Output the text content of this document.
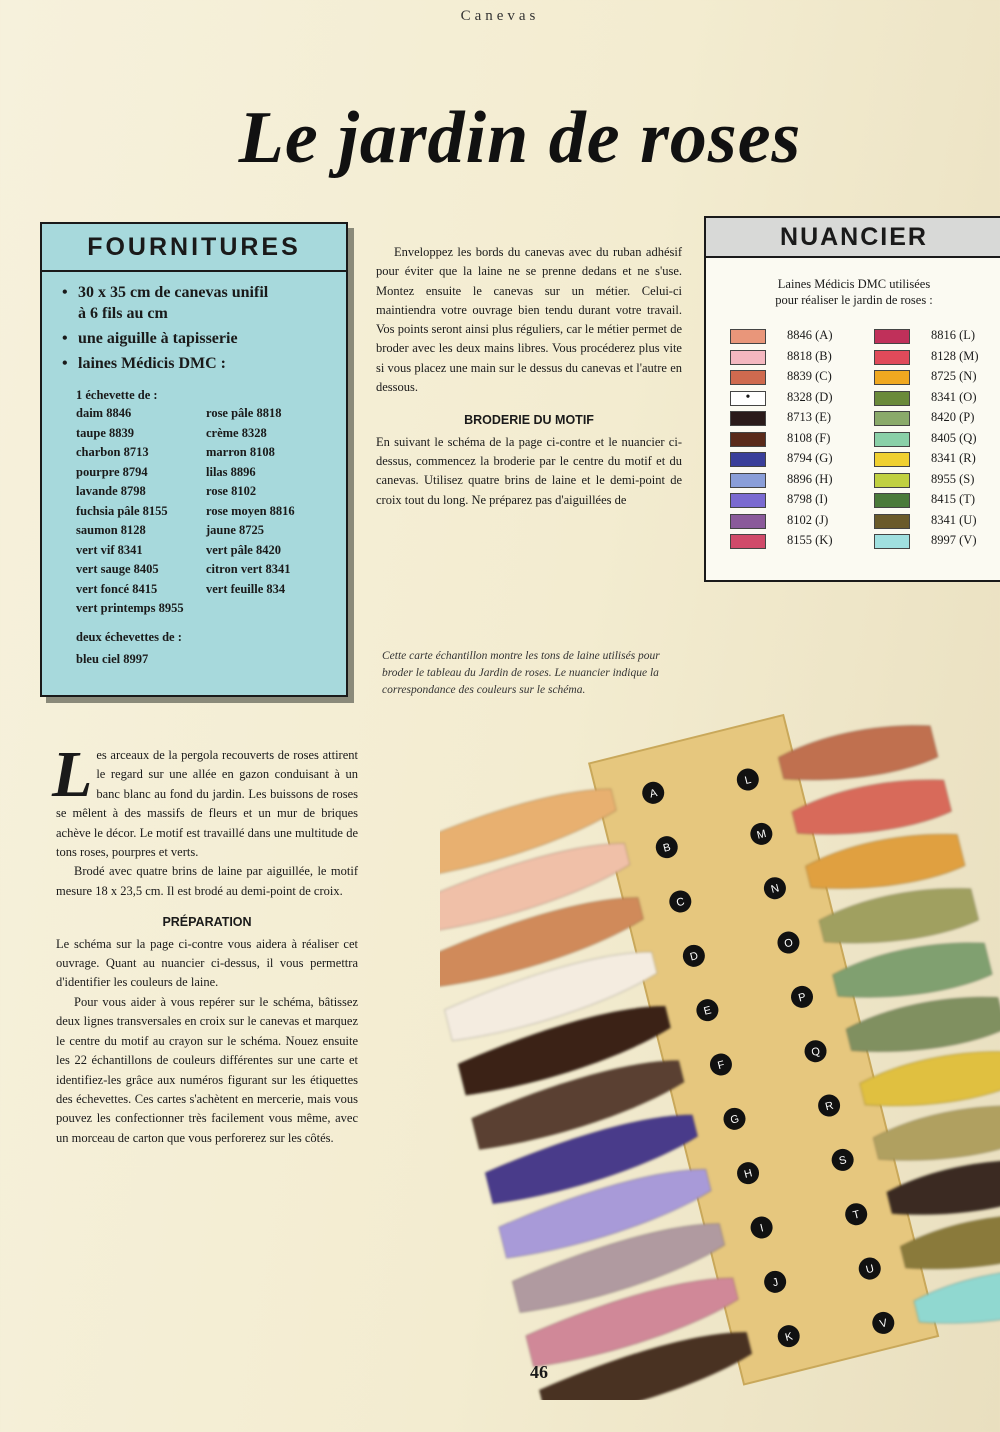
Canevas
Le jardin de roses
FOURNITURES
• 30 x 35 cm de canevas unifil
à 6 fils au cm
• une aiguille à tapisserie
• laines Médicis DMC :
1 échevette de :
daim 8846
taupe 8839
charbon 8713
pourpre 8794
lavande 8798
fuchsia pâle 8155
saumon 8128
vert vif 8341
vert sauge 8405
vert foncé 8415
vert printemps 8955
rose pâle 8818
crème 8328
marron 8108
lilas 8896
rose 8102
rose moyen 8816
jaune 8725
vert pâle 8420
citron vert 8341
vert feuille 834
deux échevettes de :
bleu ciel 8997

Enveloppez les bords du canevas avec du ruban adhésif pour éviter que la laine ne se prenne dedans et ne s'use. Montez ensuite le canevas sur un métier. Celui-ci maintiendra votre ouvrage bien tendu durant votre travail. Vos points seront ainsi plus réguliers, car le métier permet de broder avec les deux mains libres. Vous procéderez plus vite si vous placez une main sur le dessus du canevas et l'autre en dessous.

BRODERIE DU MOTIF

En suivant le schéma de la page ci-contre et le nuancier ci-dessus, commencez la broderie par le centre du motif et du canevas. Utilisez quatre brins de laine et le demi-point de croix tout du long. Ne préparez pas d'aiguillées de

Cette carte échantillon montre les tons de laine utilisés pour broder le tableau du Jardin de roses. Le nuancier indique la correspondance des couleurs sur le schéma.
NUANCIER
Laines Médicis DMC utilisées
pour réaliser le jardin de roses :
8846 (A)
8818 (B)
8839 (C)
•	8328 (D)
8713 (E)
8108 (F)
8794 (G)
8896 (H)
8798 (I)
8102 (J)
8155 (K)
8816 (L)
8128 (M)
8725 (N)
8341 (O)
8420 (P)
8405 (Q)
8341 (R)
8955 (S)
8415 (T)
8341 (U)
8997 (V)

Les arceaux de la pergola recouverts de roses attirent le regard sur une allée en gazon conduisant à un banc blanc au fond du jardin. Les buissons de roses se mêlent à des massifs de fleurs et un mur de briques achève le décor. Le motif est travaillé dans une multitude de tons roses, pourpres et verts.

Brodé avec quatre brins de laine par aiguillée, le motif mesure 18 x 23,5 cm. Il est brodé au demi-point de croix.

PRÉPARATION

Le schéma sur la page ci-contre vous aidera à réaliser cet ouvrage. Quant au nuancier ci-dessus, il vous permettra d'identifier les couleurs de laine.

Pour vous aider à vous repérer sur le schéma, bâtissez deux lignes transversales en croix sur le canevas et marquez le centre du motif au crayon sur le schéma. Nouez ensuite les 22 échantillons de couleurs différentes sur une carte et identifiez-les grâce aux numéros figurant sur les étiquettes des échevettes. Ces cartes s'achètent en mercerie, mais vous pouvez les confectionner très facilement vous même, avec un morceau de carton que vous perforerez sur les côtés.

A
B
C
D
E
F
G
H
I
J
K
L
M
N
O
P
Q
R
S
T
U
V
46
